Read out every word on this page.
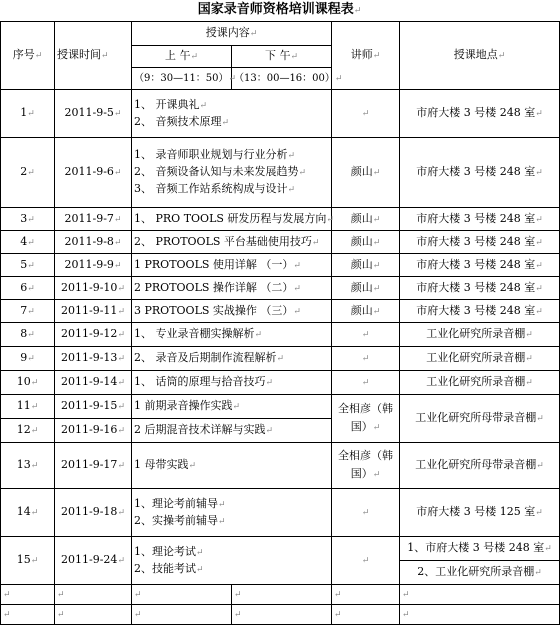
国家录音师资格培训课程表↵
序号↵	授课时间↵	授课内容↵		讲师↵	授课地点↵
		上 午↵	下 午↵		
		（9：30—11：50）↵	（13：00—16：00）↵		
1↵	2011-9-5↵	1、 开课典礼↵
2、 音频技术原理↵		↵	市府大楼 3 号楼 248 室↵
2↵	2011-9-6↵	1、 录音师职业规划与行业分析↵
2、 音频设备认知与未来发展趋势↵
3、 音频工作站系统构成与设计↵		颜山↵	市府大楼 3 号楼 248 室↵
3↵	2011-9-7↵	1、 PRO TOOLS 研发历程与发展方向↵		颜山↵	市府大楼 3 号楼 248 室↵
4↵	2011-9-8↵	2、 PROTOOLS 平台基础使用技巧↵		颜山↵	市府大楼 3 号楼 248 室↵
5↵	2011-9-9↵	1 PROTOOLS 使用详解 （一）↵		颜山↵	市府大楼 3 号楼 248 室↵
6↵	2011-9-10↵	2 PROTOOLS 操作详解 （二）↵		颜山↵	市府大楼 3 号楼 248 室↵
7↵	2011-9-11↵	3 PROTOOLS 实战操作 （三）↵		颜山↵	市府大楼 3 号楼 248 室↵
8↵	2011-9-12↵	1、 专业录音棚实操解析↵		↵	工业化研究所录音棚↵
9↵	2011-9-13↵	2、 录音及后期制作流程解析↵		↵	工业化研究所录音棚↵
10↵	2011-9-14↵	1、 话筒的原理与拾音技巧↵		↵	工业化研究所录音棚↵
11↵	2011-9-15↵	1 前期录音操作实践↵		全相彦（韩国）↵	工业化研究所母带录音棚↵
12↵	2011-9-16↵	2 后期混音技术详解与实践↵			
13↵	2011-9-17↵	1 母带实践↵		全相彦（韩国）↵	工业化研究所母带录音棚↵
14↵	2011-9-18↵	1、理论考前辅导↵
2、实操考前辅导↵		↵	市府大楼 3 号楼 125 室↵
15↵	2011-9-24↵	1、理论考试↵
2、技能考试↵		↵	1、市府大楼 3 号楼 248 室↵
					2、工业化研究所录音棚↵
↵	↵	↵	↵	↵	↵
↵	↵	↵	↵	↵	↵
